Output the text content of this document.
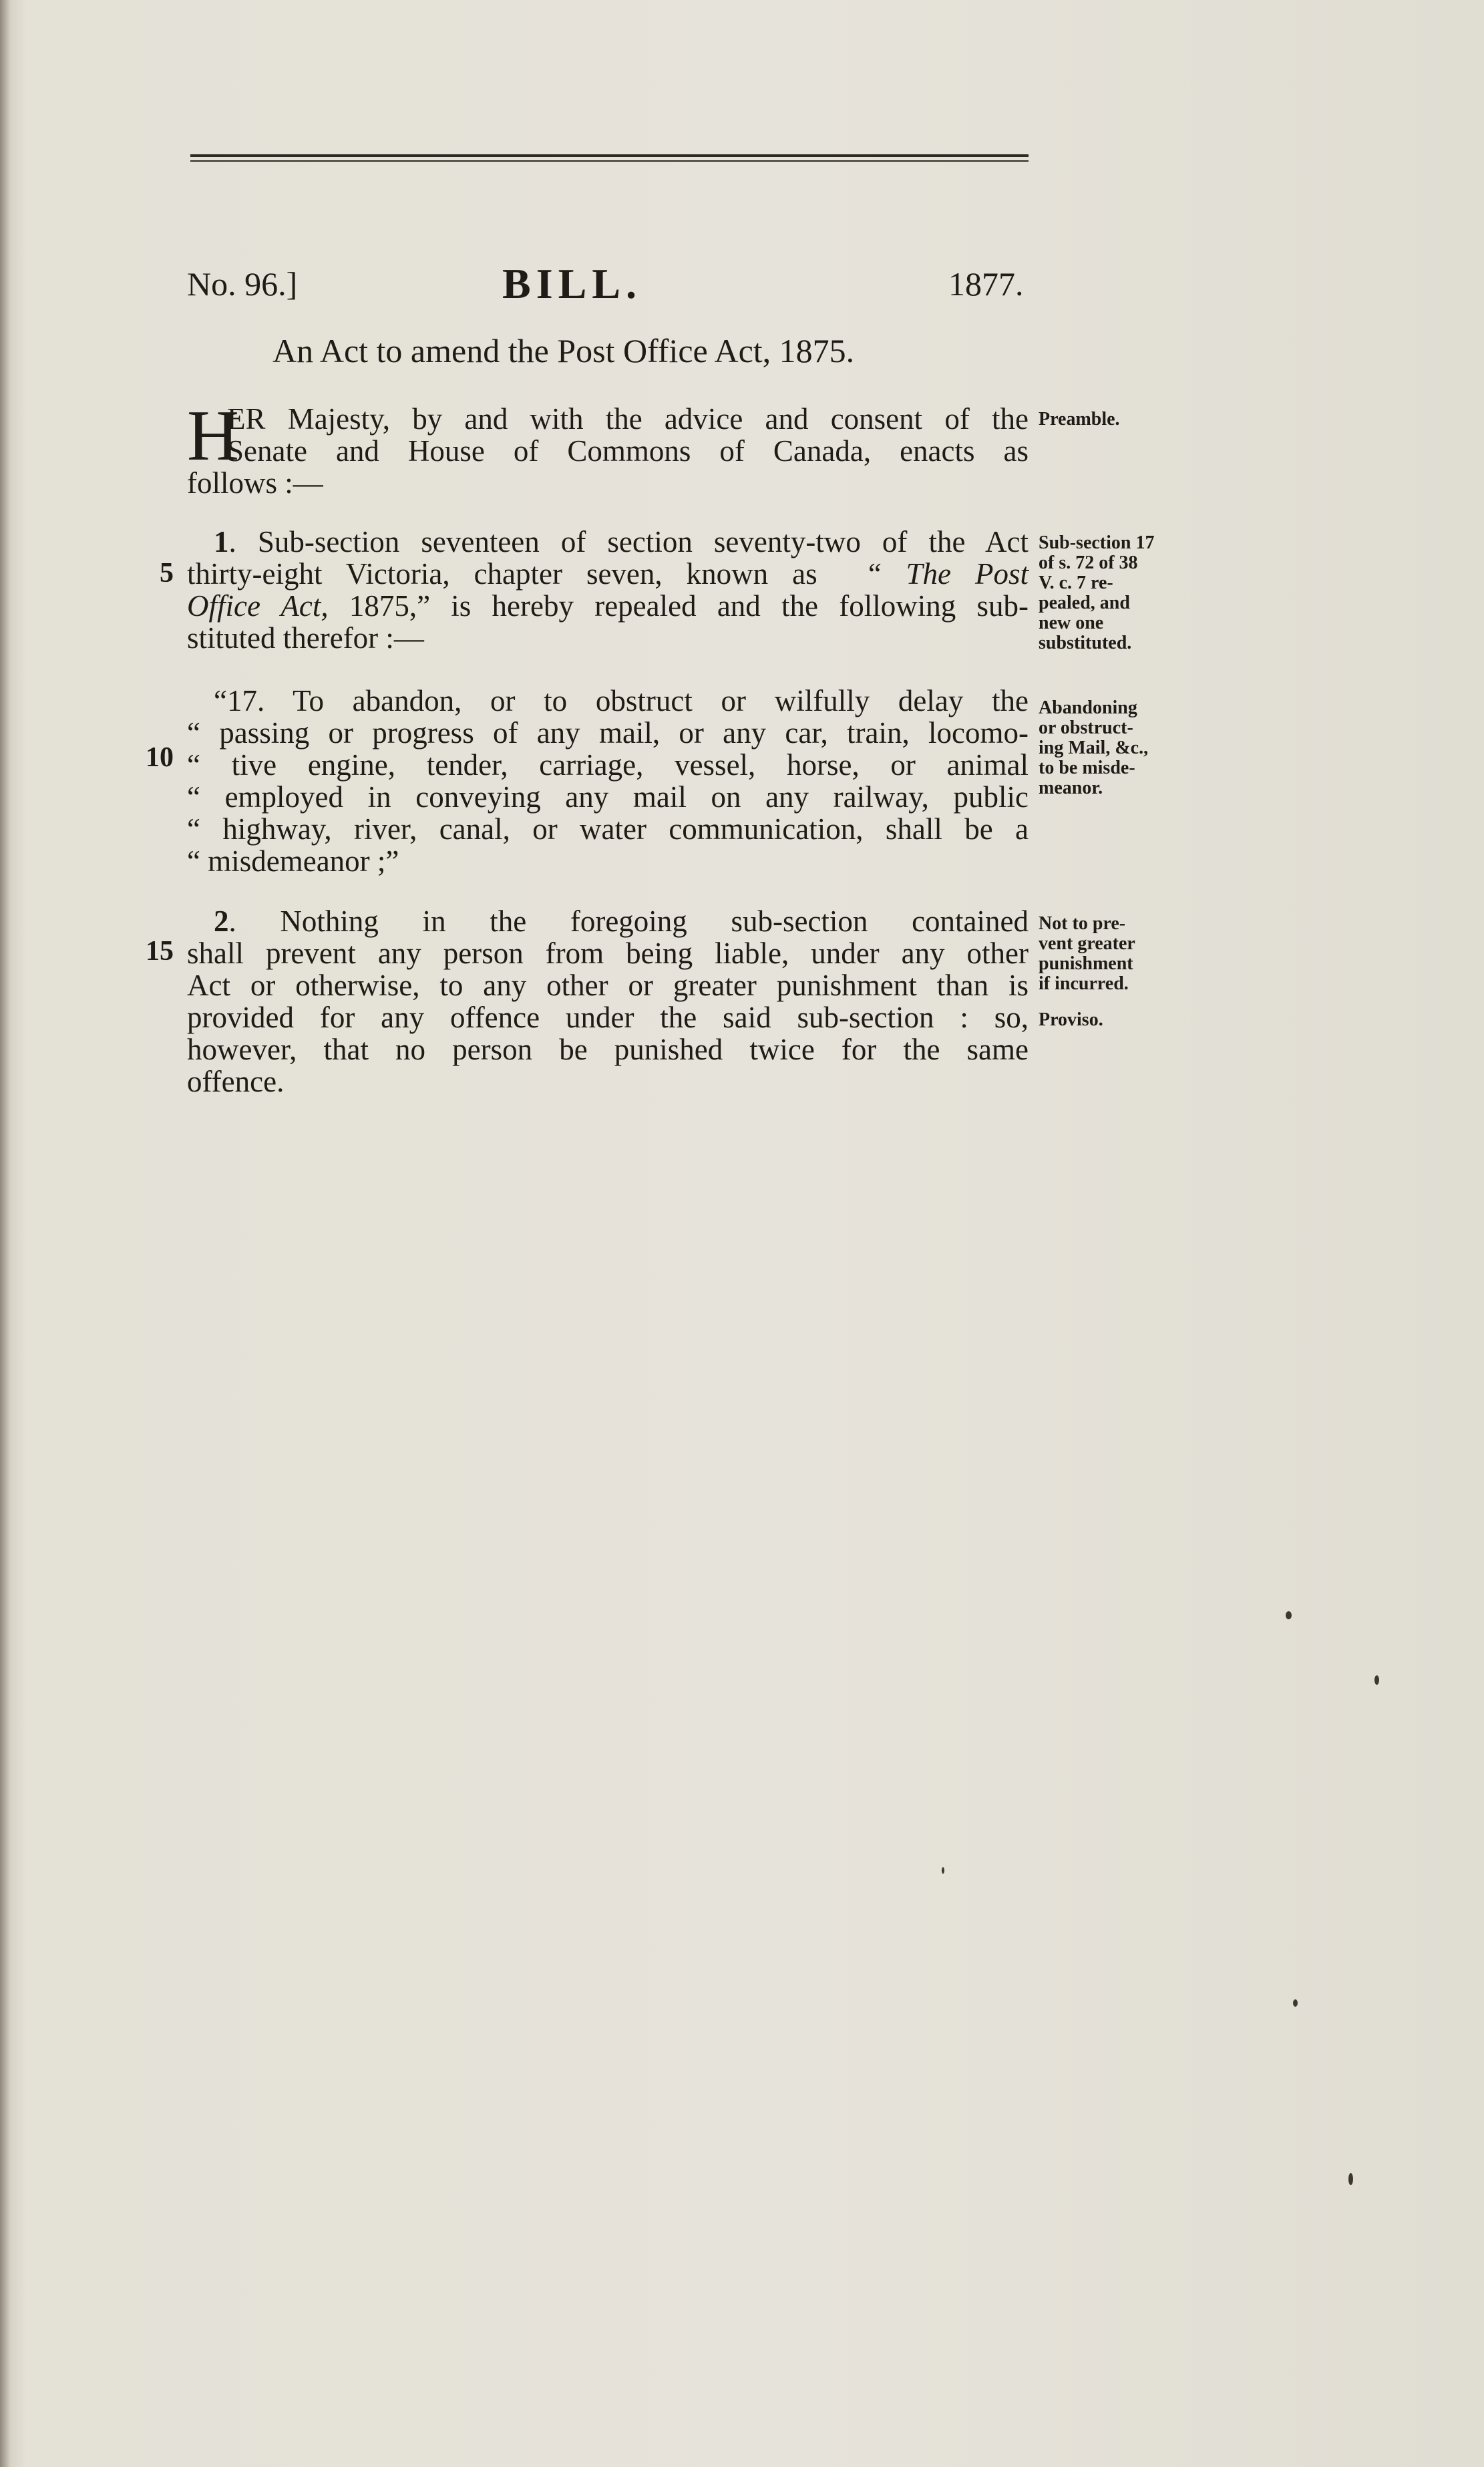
No. 96.]	BILL.	1877.
An Act to amend the Post Office Act, 1875.
H
ER Majesty, by and with the advice and consent of the
Senate and House of Commons of Canada, enacts as
follows :—
Preamble.
1. Sub-section seventeen of section seventy-two of the Act
thirty-eight Victoria, chapter seven, known as “ The Post
Office Act, 1875,” is hereby repealed and the following sub-
stituted therefor :—
5
Sub-section 17
of s. 72 of 38
V. c. 7 re-
pealed, and
new one
substituted.
“17. To abandon, or to obstruct or wilfully delay the
“ passing or progress of any mail, or any car, train, locomo-
“ tive engine, tender, carriage, vessel, horse, or animal
“ employed in conveying any mail on any railway, public
“ highway, river, canal, or water communication, shall be a
“ misdemeanor ;”
10
Abandoning
or obstruct-
ing Mail, &c.,
to be misde-
meanor.
2. Nothing in the foregoing sub-section contained
shall prevent any person from being liable, under any other
Act or otherwise, to any other or greater punishment than is
provided for any offence under the said sub-section : so,
however, that no person be punished twice for the same
offence.
15
Not to pre-
vent greater
punishment
if incurred.
Proviso.
